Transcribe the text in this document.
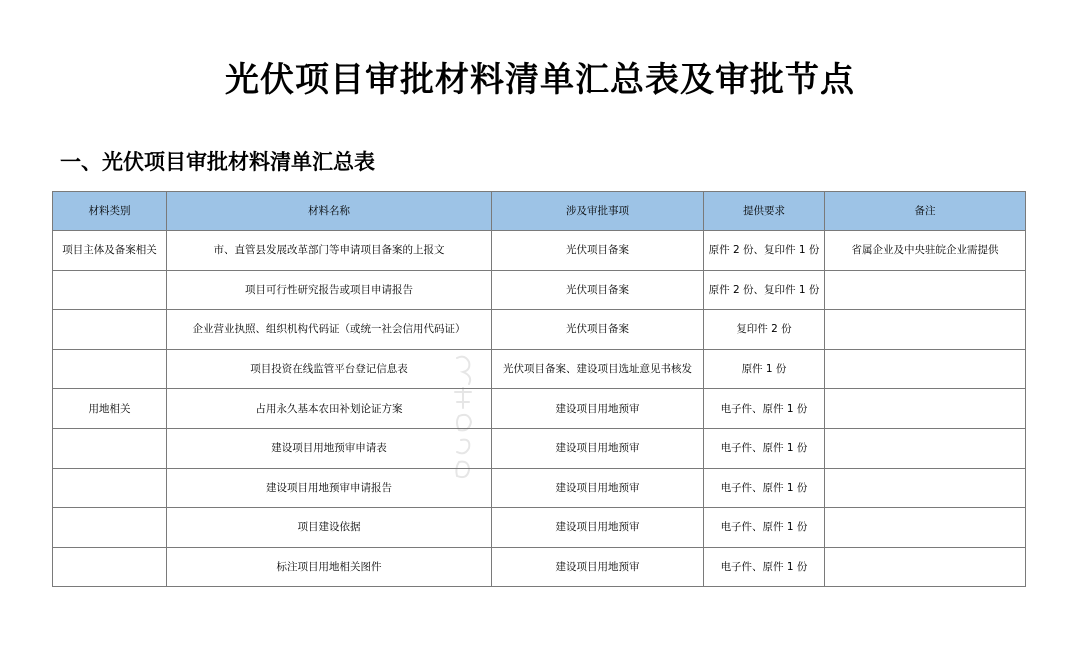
光伏项目审批材料清单汇总表及审批节点
一、光伏项目审批材料清单汇总表
材料类别	材料名称	涉及审批事项	提供要求	备注
项目主体及备案相关	市、直管县发展改革部门等申请项目备案的上报文	光伏项目备案	原件 2 份、复印件 1 份	省属企业及中央驻皖企业需提供
	项目可行性研究报告或项目申请报告	光伏项目备案	原件 2 份、复印件 1 份	
	企业营业执照、组织机构代码证（或统一社会信用代码证）	光伏项目备案	复印件 2 份	
	项目投资在线监管平台登记信息表	光伏项目备案、建设项目选址意见书核发	原件 1 份	
用地相关	占用永久基本农田补划论证方案	建设项目用地预审	电子件、原件 1 份	
	建设项目用地预审申请表	建设项目用地预审	电子件、原件 1 份	
	建设项目用地预审申请报告	建设项目用地预审	电子件、原件 1 份	
	项目建设依据	建设项目用地预审	电子件、原件 1 份	
	标注项目用地相关图件	建设项目用地预审	电子件、原件 1 份	
